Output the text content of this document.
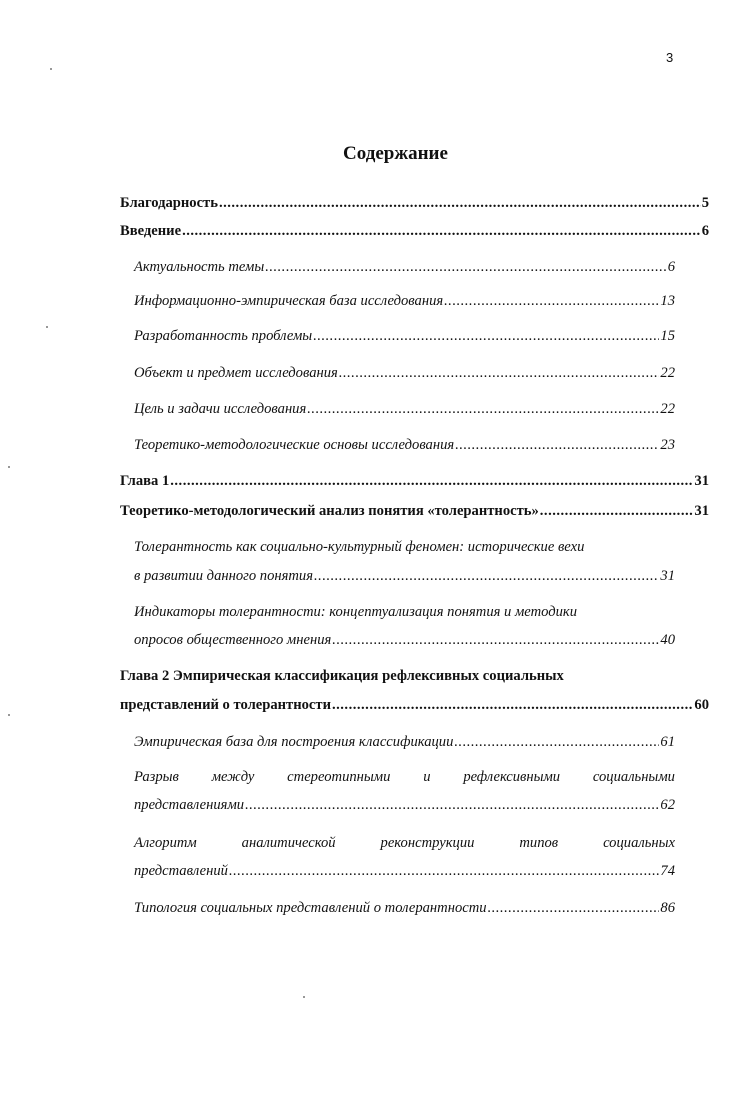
3
Содержание
Благодарность .....	5
Введение .....	6
Актуальность темы .....	6
Информационно-эмпирическая база исследования .....	13
Разработанность проблемы .....	15
Объект и предмет исследования .....	22
Цель и задачи исследования .....	22
Теоретико-методологические основы исследования .....	23
Глава 1 .....	31
Теоретико-методологический анализ понятия «толерантность» .....	31
Толерантность как социально-культурный феномен: исторические вехи
в развитии данного понятия .....	31
Индикаторы толерантности: концептуализация понятия и методики
опросов общественного мнения .....	40
Глава 2 Эмпирическая классификация рефлексивных социальных
представлений о толерантности .....	60
Эмпирическая база для построения классификации .....	61
Разрыв между стереотипными и рефлексивными социальными
представлениями .....	62
Алгоритм	аналитической	реконструкции	типов	социальных
представлений .....	74
Типология социальных представлений о толерантности .....	86
